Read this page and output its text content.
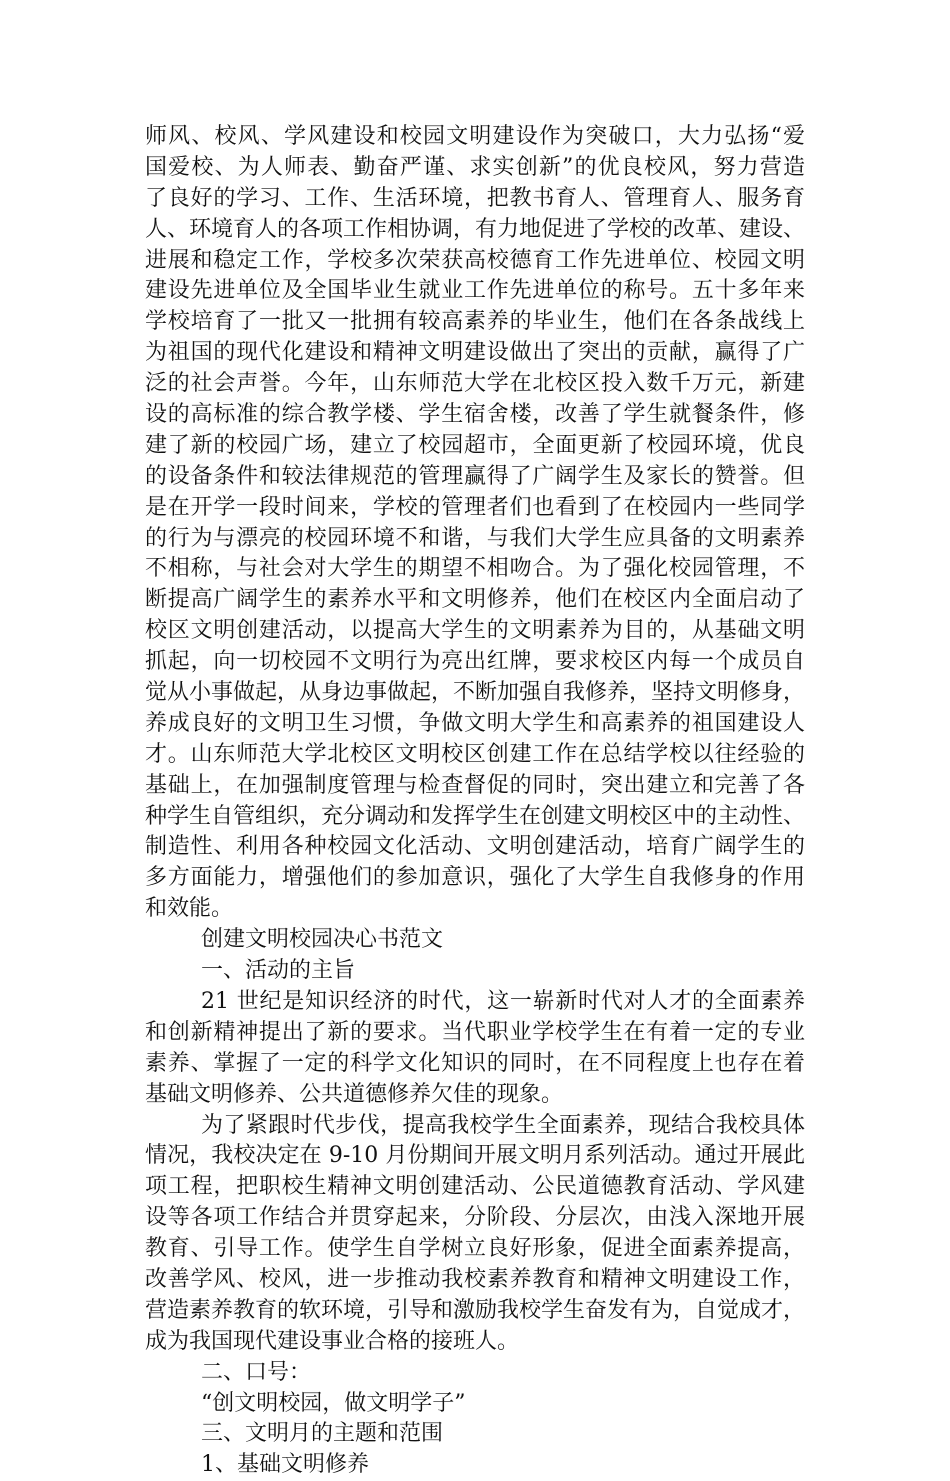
师风、校风、学风建设和校园文明建设作为突破口，大力弘扬“爱
国爱校、为人师表、勤奋严谨、求实创新”的优良校风，努力营造
了良好的学习、工作、生活环境，把教书育人、管理育人、服务育
人、环境育人的各项工作相协调，有力地促进了学校的改革、建设、
进展和稳定工作，学校多次荣获高校德育工作先进单位、校园文明
建设先进单位及全国毕业生就业工作先进单位的称号。五十多年来
学校培育了一批又一批拥有较高素养的毕业生，他们在各条战线上
为祖国的现代化建设和精神文明建设做出了突出的贡献，赢得了广
泛的社会声誉。今年，山东师范大学在北校区投入数千万元，新建
设的高标准的综合教学楼、学生宿舍楼，改善了学生就餐条件，修
建了新的校园广场，建立了校园超市，全面更新了校园环境，优良
的设备条件和较法律规范的管理赢得了广阔学生及家长的赞誉。但
是在开学一段时间来，学校的管理者们也看到了在校园内一些同学
的行为与漂亮的校园环境不和谐，与我们大学生应具备的文明素养
不相称，与社会对大学生的期望不相吻合。为了强化校园管理，不
断提高广阔学生的素养水平和文明修养，他们在校区内全面启动了
校区文明创建活动，以提高大学生的文明素养为目的，从基础文明
抓起，向一切校园不文明行为亮出红牌，要求校区内每一个成员自
觉从小事做起，从身边事做起，不断加强自我修养，坚持文明修身，
养成良好的文明卫生习惯，争做文明大学生和高素养的祖国建设人
才。山东师范大学北校区文明校区创建工作在总结学校以往经验的
基础上，在加强制度管理与检查督促的同时，突出建立和完善了各
种学生自管组织，充分调动和发挥学生在创建文明校区中的主动性、
制造性、利用各种校园文化活动、文明创建活动，培育广阔学生的
多方面能力，增强他们的参加意识，强化了大学生自我修身的作用
和效能。
创建文明校园决心书范文
一、活动的主旨
21 世纪是知识经济的时代，这一崭新时代对人才的全面素养
和创新精神提出了新的要求。当代职业学校学生在有着一定的专业
素养、掌握了一定的科学文化知识的同时，在不同程度上也存在着
基础文明修养、公共道德修养欠佳的现象。
为了紧跟时代步伐，提高我校学生全面素养，现结合我校具体
情况，我校决定在 9-10 月份期间开展文明月系列活动。通过开展此
项工程，把职校生精神文明创建活动、公民道德教育活动、学风建
设等各项工作结合并贯穿起来，分阶段、分层次，由浅入深地开展
教育、引导工作。使学生自学树立良好形象，促进全面素养提高，
改善学风、校风，进一步推动我校素养教育和精神文明建设工作，
营造素养教育的软环境，引导和激励我校学生奋发有为，自觉成才，
成为我国现代建设事业合格的接班人。
二、口号：
“创文明校园，做文明学子”
三、文明月的主题和范围
1、基础文明修养
